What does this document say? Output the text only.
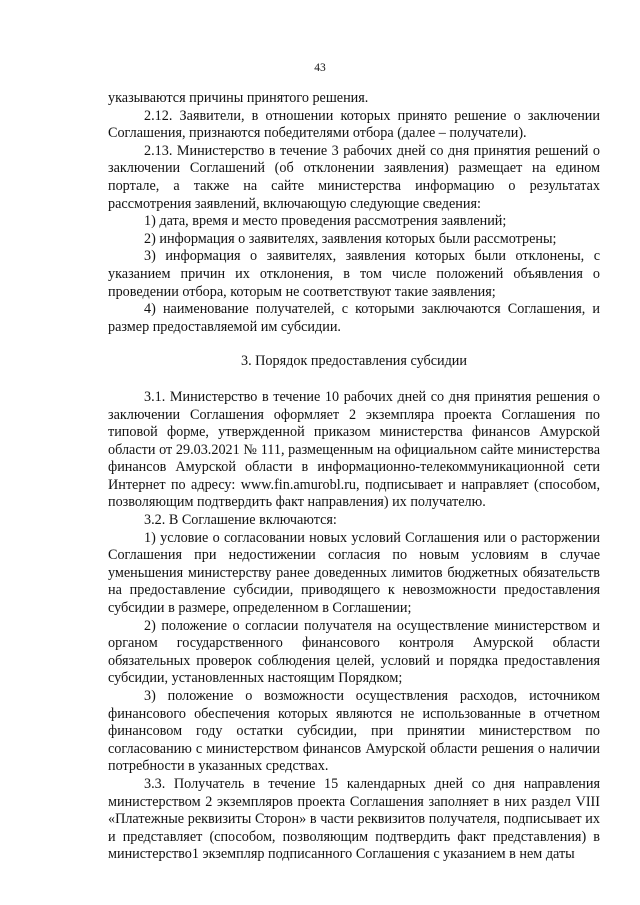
43

указываются причины принятого решения.

2.12. Заявители, в отношении которых принято решение о заключении Соглашения, признаются победителями отбора (далее – получатели).

2.13. Министерство в течение 3 рабочих дней со дня принятия решений о заключении Соглашений (об отклонении заявления) размещает на едином портале, а также на сайте министерства информацию о результатах рассмотрения заявлений, включающую следующие сведения:

1) дата, время и место проведения рассмотрения заявлений;

2) информация о заявителях, заявления которых были рассмотрены;

3) информация о заявителях, заявления которых были отклонены, с указанием причин их отклонения, в том числе положений объявления о проведении отбора, которым не соответствуют такие заявления;

4) наименование получателей, с которыми заключаются Соглашения, и размер предоставляемой им субсидии.

3. Порядок предоставления субсидии

3.1. Министерство в течение 10 рабочих дней со дня принятия решения о заключении Соглашения оформляет 2 экземпляра проекта Соглашения по типовой форме, утвержденной приказом министерства финансов Амурской области от 29.03.2021 № 111, размещенным на официальном сайте министерства финансов Амурской области в информационно-телекоммуникационной сети Интернет по адресу: www.fin.amurobl.ru, подписывает и направляет (способом, позволяющим подтвердить факт направления) их получателю.

3.2. В Соглашение включаются:

1) условие о согласовании новых условий Соглашения или о расторжении Соглашения при недостижении согласия по новым условиям в случае уменьшения министерству ранее доведенных лимитов бюджетных обязательств на предоставление субсидии, приводящего к невозможности предоставления субсидии в размере, определенном в Соглашении;

2) положение о согласии получателя на осуществление министерством и органом государственного финансового контроля Амурской области обязательных проверок соблюдения целей, условий и порядка предоставления субсидии, установленных настоящим Порядком;

3) положение о возможности осуществления расходов, источником финансового обеспечения которых являются не использованные в отчетном финансовом году остатки субсидии, при принятии министерством по согласованию с министерством финансов Амурской области решения о наличии потребности в указанных средствах.

3.3. Получатель в течение 15 календарных дней со дня направления министерством 2 экземпляров проекта Соглашения заполняет в них раздел VIII «Платежные реквизиты Сторон» в части реквизитов получателя, подписывает их и представляет (способом, позволяющим подтвердить факт представления) в министерство1 экземпляр подписанного Соглашения с указанием в нем даты
